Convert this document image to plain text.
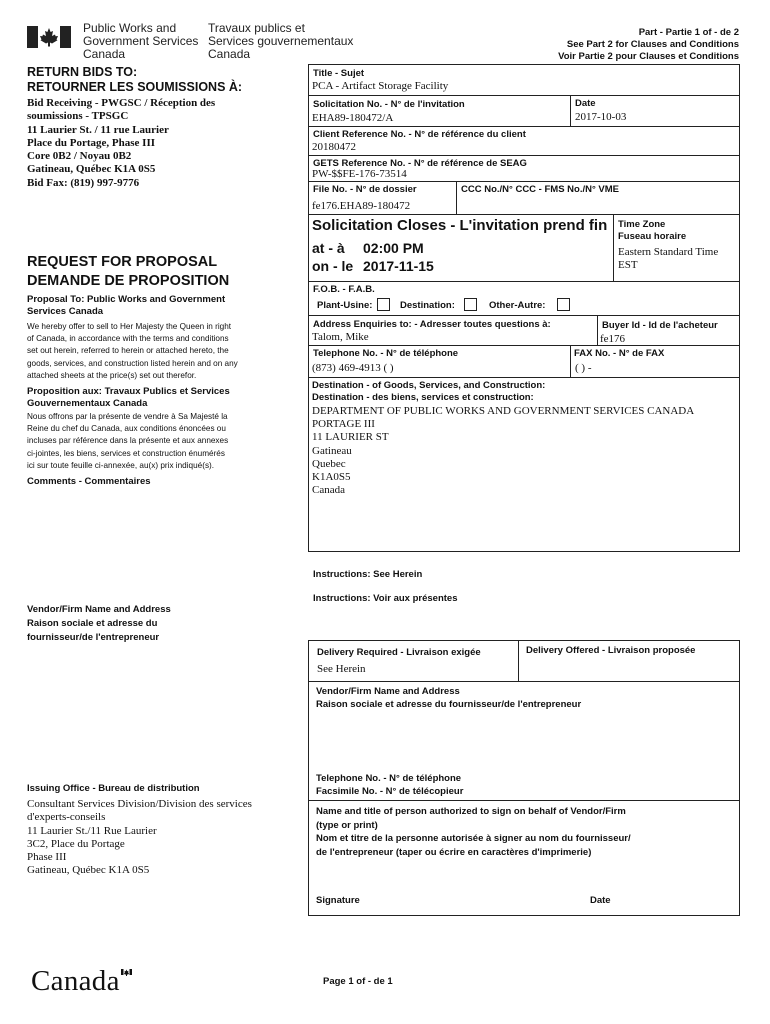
Public Works and
Government Services
Canada
Travaux publics et
Services gouvernementaux
Canada
Part - Partie 1 of - de 2
See Part 2 for Clauses and Conditions
Voir Partie 2 pour Clauses et Conditions
RETURN BIDS TO:
RETOURNER LES SOUMISSIONS À:
Bid Receiving - PWGSC / Réception des
soumissions - TPSGC
11 Laurier St. / 11 rue Laurier
Place du Portage, Phase III
Core 0B2 / Noyau 0B2
Gatineau, Québec K1A 0S5
Bid Fax: (819) 997-9776
REQUEST FOR PROPOSAL
DEMANDE DE PROPOSITION
Proposal To: Public Works and Government
Services Canada
We hereby offer to sell to Her Majesty the Queen in right
of Canada, in accordance with the terms and conditions
set out herein, referred to herein or attached hereto, the
goods, services, and construction listed herein and on any
attached sheets at the price(s) set out therefor.
Proposition aux: Travaux Publics et Services
Gouvernementaux Canada
Nous offrons par la présente de vendre à Sa Majesté la
Reine du chef du Canada, aux conditions énoncées ou
incluses par référence dans la présente et aux annexes
ci-jointes, les biens, services et construction énumérés
ici sur toute feuille ci-annexée, au(x) prix indiqué(s).
Comments - Commentaires
Vendor/Firm Name and Address
Raison sociale et adresse du
fournisseur/de l'entrepreneur
Issuing Office - Bureau de distribution
Consultant Services Division/Division des services
d'experts-conseils
11 Laurier St./11 Rue Laurier
3C2, Place du Portage
Phase III
Gatineau, Québec K1A 0S5
Title - Sujet
PCA - Artifact Storage Facility
Solicitation No. - N° de l'invitation
EHA89-180472/A
Date
2017-10-03
Client Reference No. - N° de référence du client
20180472
GETS Reference No. - N° de référence de SEAG
PW-$$FE-176-73514
File No. - N° de dossier
fe176.EHA89-180472
CCC No./N° CCC - FMS No./N° VME
Solicitation Closes - L'invitation prend fin
at - à 02:00 PM
on - le 2017-11-15
Time Zone
Fuseau horaire
Eastern Standard Time
EST
F.O.B. - F.A.B.
Plant-Usine:	Destination:	Other-Autre:
Address Enquiries to: - Adresser toutes questions à:
Talom, Mike
Buyer Id - Id de l'acheteur
fe176
Telephone No. - N° de téléphone
(873) 469-4913 ( )
FAX No. - N° de FAX
( ) -
Destination - of Goods, Services, and Construction:
Destination - des biens, services et construction:
DEPARTMENT OF PUBLIC WORKS AND GOVERNMENT SERVICES CANADA
PORTAGE III
11 LAURIER ST
Gatineau
Quebec
K1A0S5
Canada
Instructions: See Herein
Instructions: Voir aux présentes
Delivery Required - Livraison exigée
See Herein
Delivery Offered - Livraison proposée
Vendor/Firm Name and Address
Raison sociale et adresse du fournisseur/de l'entrepreneur
Telephone No. - N° de téléphone
Facsimile No. - N° de télécopieur
Name and title of person authorized to sign on behalf of Vendor/Firm
(type or print)
Nom et titre de la personne autorisée à signer au nom du fournisseur/
de l'entrepreneur (taper ou écrire en caractères d'imprimerie)
Signature	Date
Canada	Page 1 of - de 1
